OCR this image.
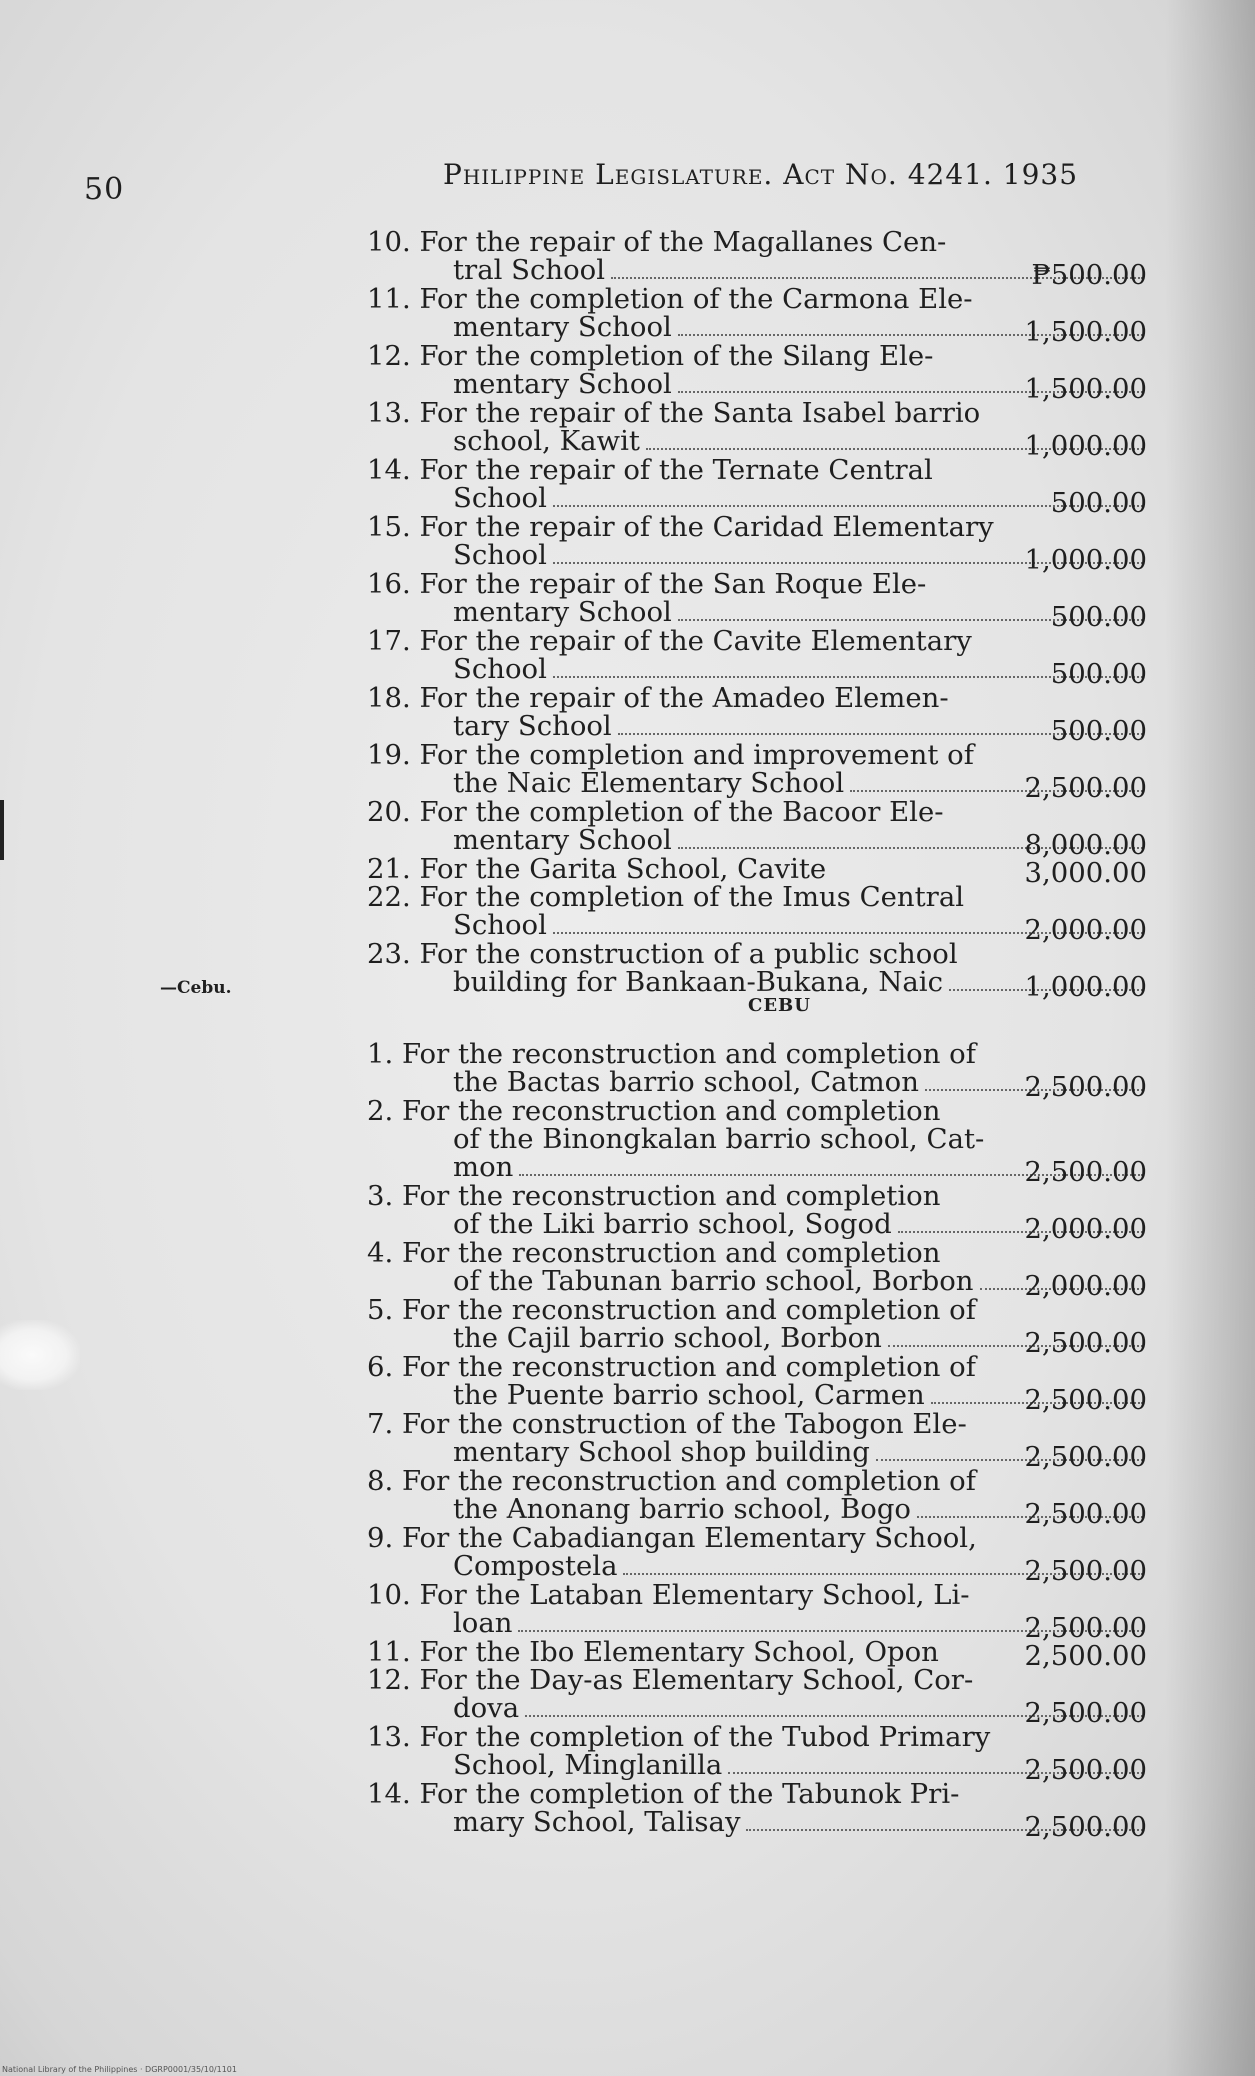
50	Philippine Legislature. Act No. 4241. 1935
10. For the repair of the Magallanes Cen-
tral School	₱500.00
11. For the completion of the Carmona Ele-
mentary School	1,500.00
12. For the completion of the Silang Ele-
mentary School	1,500.00
13. For the repair of the Santa Isabel barrio
school, Kawit	1,000.00
14. For the repair of the Ternate Central
School	500.00
15. For the repair of the Caridad Elementary
School	1,000.00
16. For the repair of the San Roque Ele-
mentary School	500.00
17. For the repair of the Cavite Elementary
School	500.00
18. For the repair of the Amadeo Elemen-
tary School	500.00
19. For the completion and improvement of
the Naic Elementary School	2,500.00
20. For the completion of the Bacoor Ele-
mentary School	8,000.00
21. For the Garita School, Cavite	3,000.00
22. For the completion of the Imus Central
School	2,000.00
23. For the construction of a public school
building for Bankaan-Bukana, Naic	1,000.00
—Cebu.
CEBU
1. For the reconstruction and completion of
the Bactas barrio school, Catmon	2,500.00
2. For the reconstruction and completion
of the Binongkalan barrio school, Cat-
mon	2,500.00
3. For the reconstruction and completion
of the Liki barrio school, Sogod	2,000.00
4. For the reconstruction and completion
of the Tabunan barrio school, Borbon 2,000.00
5. For the reconstruction and completion of
the Cajil barrio school, Borbon	2,500.00
6. For the reconstruction and completion of
the Puente barrio school, Carmen	2,500.00
7. For the construction of the Tabogon Ele-
mentary School shop building	2,500.00
8. For the reconstruction and completion of
the Anonang barrio school, Bogo	2,500.00
9. For the Cabadiangan Elementary School,
Compostela	2,500.00
10. For the Lataban Elementary School, Li-
loan	2,500.00
11. For the Ibo Elementary School, Opon	2,500.00
12. For the Day-as Elementary School, Cor-
dova	2,500.00
13. For the completion of the Tubod Primary
School, Minglanilla	2,500.00
14. For the completion of the Tabunok Pri-
mary School, Talisay	2,500.00
National Library of the Philippines · DGRP0001/35/10/1101
